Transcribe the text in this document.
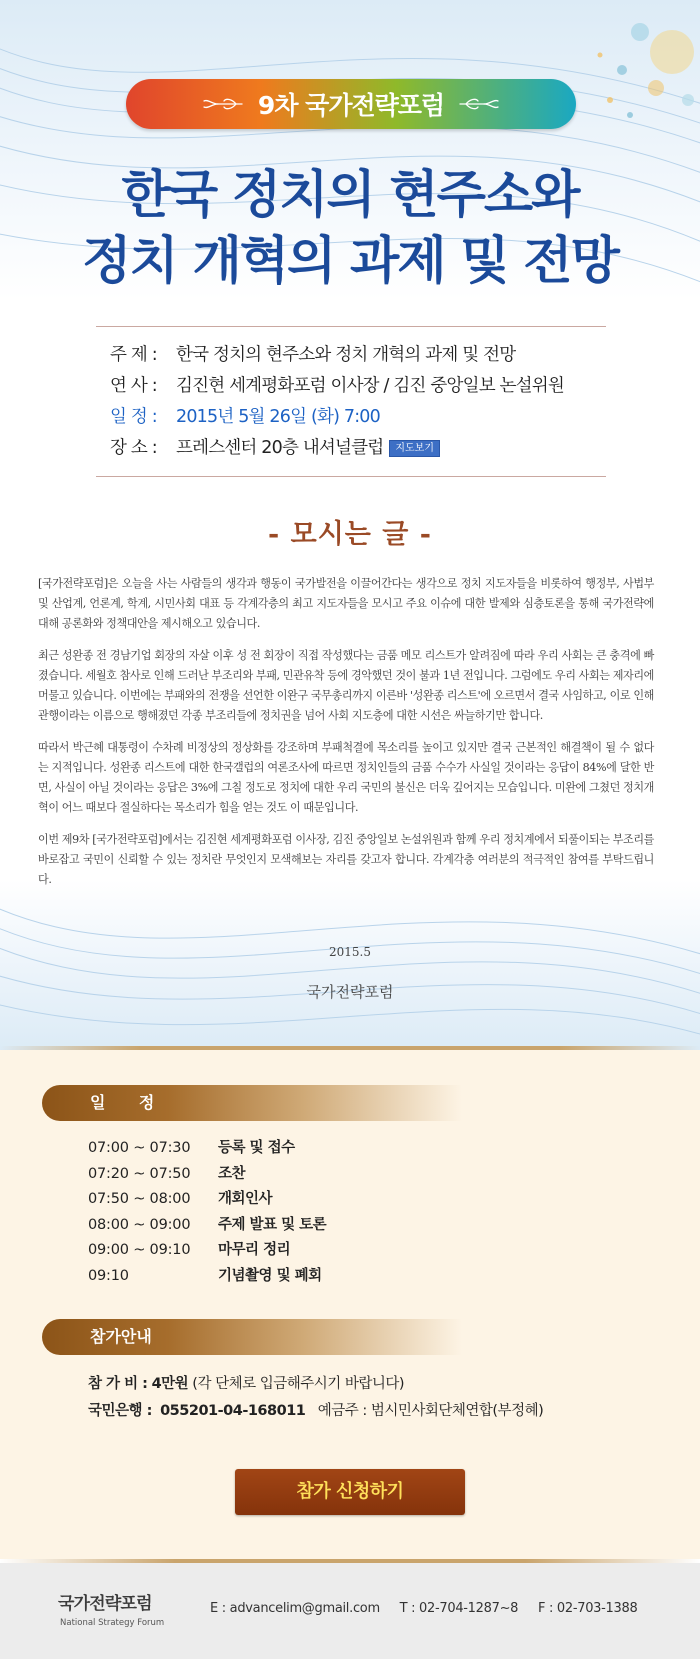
9차 국가전략포럼
한국 정치의 현주소와
정치 개혁의 과제 및 전망
주 제 : 한국 정치의 현주소와 정치 개혁의 과제 및 전망
연 사 : 김진현 세계평화포럼 이사장 / 김진 중앙일보 논설위원
일 정 : 2015년 5월 26일 (화) 7:00
장 소 : 프레스센터 20층 내셔널클럽 지도보기
- 모시는 글 -

[국가전략포럼]은 오늘을 사는 사람들의 생각과 행동이 국가발전을 이끌어간다는 생각으로 정치 지도자들을 비롯하여 행정부, 사법부 및 산업계, 언론계, 학계, 시민사회 대표 등 각계각층의 최고 지도자들을 모시고 주요 이슈에 대한 발제와 심층토론을 통해 국가전략에 대해 공론화와 정책대안을 제시해오고 있습니다.

최근 성완종 전 경남기업 회장의 자살 이후 성 전 회장이 직접 작성했다는 금품 메모 리스트가 알려짐에 따라 우리 사회는 큰 충격에 빠졌습니다. 세월호 참사로 인해 드러난 부조리와 부패, 민관유착 등에 경악했던 것이 불과 1년 전입니다. 그럼에도 우리 사회는 제자리에 머물고 있습니다. 이번에는 부패와의 전쟁을 선언한 이완구 국무총리까지 이른바 '성완종 리스트'에 오르면서 결국 사임하고, 이로 인해 관행이라는 이름으로 행해졌던 각종 부조리들에 정치권을 넘어 사회 지도층에 대한 시선은 싸늘하기만 합니다.

따라서 박근혜 대통령이 수차례 비정상의 정상화를 강조하며 부패척결에 목소리를 높이고 있지만 결국 근본적인 해결책이 될 수 없다는 지적입니다. 성완종 리스트에 대한 한국갤럽의 여론조사에 따르면 정치인들의 금품 수수가 사실일 것이라는 응답이 84%에 달한 반면, 사실이 아닐 것이라는 응답은 3%에 그칠 정도로 정치에 대한 우리 국민의 불신은 더욱 깊어지는 모습입니다. 미완에 그쳤던 정치개혁이 어느 때보다 절실하다는 목소리가 힘을 얻는 것도 이 때문입니다.

이번 제9차 [국가전략포럼]에서는 김진현 세계평화포럼 이사장, 김진 중앙일보 논설위원과 함께 우리 정치계에서 되풀이되는 부조리를 바로잡고 국민이 신뢰할 수 있는 정치란 무엇인지 모색해보는 자리를 갖고자 합니다. 각계각층 여러분의 적극적인 참여를 부탁드립니다.

2015.5
국가전략포럼
일      정
07:00 ~ 07:30 등록 및 접수
07:20 ~ 07:50 조찬
07:50 ~ 08:00 개회인사
08:00 ~ 09:00 주제 발표 및 토론
09:00 ~ 09:10 마무리 정리
09:10	기념촬영 및 폐회
참가안내
참 가 비 : 4만원 (각 단체로 입금해주시기 바랍니다)
국민은행 : 055201-04-168011 예금주 : 범시민사회단체연합(부정혜)
참가 신청하기
국가전략포럼
National Strategy Forum
E : advancelim@gmail.com T : 02-704-1287~8 F : 02-703-1388
